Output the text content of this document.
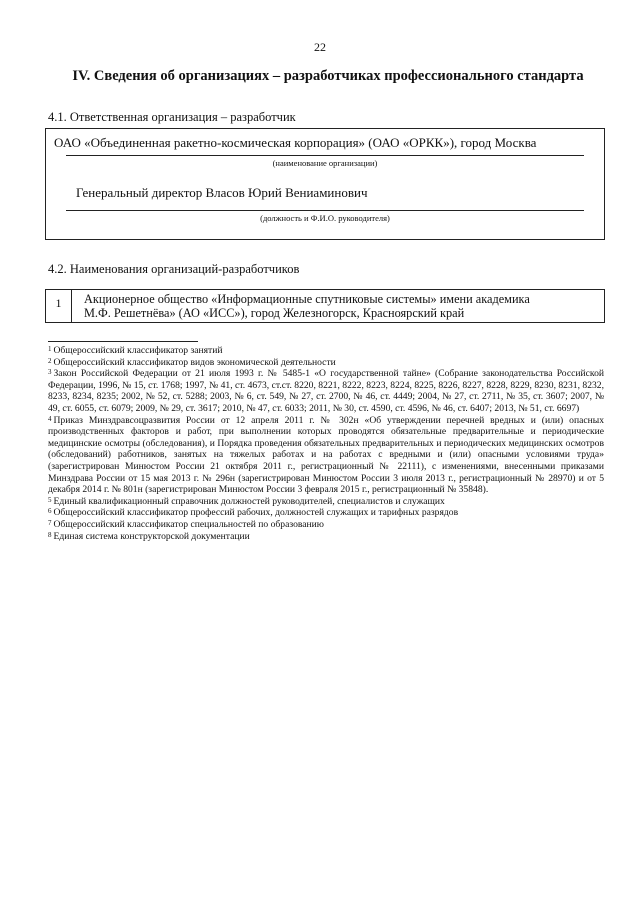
22
IV. Сведения об организациях – разработчиках профессионального стандарта
4.1. Ответственная организация – разработчик
ОАО «Объединенная ракетно-космическая корпорация» (ОАО «ОРКК»), город Москва
(наименование организации)
Генеральный директор Власов Юрий Вениаминович
(должность и Ф.И.О. руководителя)
4.2. Наименования организаций-разработчиков
1	Акционерное общество «Информационные спутниковые системы» имени академика
М.Ф. Решетнёва» (АО «ИСС»), город Железногорск, Красноярский край

$^1$ Общероссийский классификатор занятий

$^2$ Общероссийский классификатор видов экономической деятельности

$^3$ Закон Российской Федерации от 21 июля 1993 г. № 5485-1 «О государственной тайне» (Собрание законодательства Российской Федерации, 1996, № 15, ст. 1768; 1997, № 41, ст. 4673, ст.ст. 8220, 8221, 8222, 8223, 8224, 8225, 8226, 8227, 8228, 8229, 8230, 8231, 8232, 8233, 8234, 8235; 2002, № 52, ст. 5288; 2003, № 6, ст. 549, № 27, ст. 2700, № 46, ст. 4449; 2004, № 27, ст. 2711, № 35, ст. 3607; 2007, № 49, ст. 6055, ст. 6079; 2009, № 29, ст. 3617; 2010, № 47, ст. 6033; 2011, № 30, ст. 4590, ст. 4596, № 46, ст. 6407; 2013, № 51, ст. 6697)

$^4$ Приказ Минздравсоцразвития России от 12 апреля 2011 г. № 302н «Об утверждении перечней вредных и (или) опасных производственных факторов и работ, при выполнении которых проводятся обязательные предварительные и периодические медицинские осмотры (обследования), и Порядка проведения обязательных предварительных и периодических медицинских осмотров (обследований) работников, занятых на тяжелых работах и на работах с вредными и (или) опасными условиями труда» (зарегистрирован Минюстом России 21 октября 2011 г., регистрационный № 22111), с изменениями, внесенными приказами Минздрава России от 15 мая 2013 г. № 296н (зарегистрирован Минюстом России 3 июля 2013 г., регистрационный № 28970) и от 5 декабря 2014 г. № 801н (зарегистрирован Минюстом России 3 февраля 2015 г., регистрационный № 35848).

$^5$ Единый квалификационный справочник должностей руководителей, специалистов и служащих

$^6$ Общероссийский классификатор профессий рабочих, должностей служащих и тарифных разрядов

$^7$ Общероссийский классификатор специальностей по образованию

$^8$ Единая система конструкторской документации
